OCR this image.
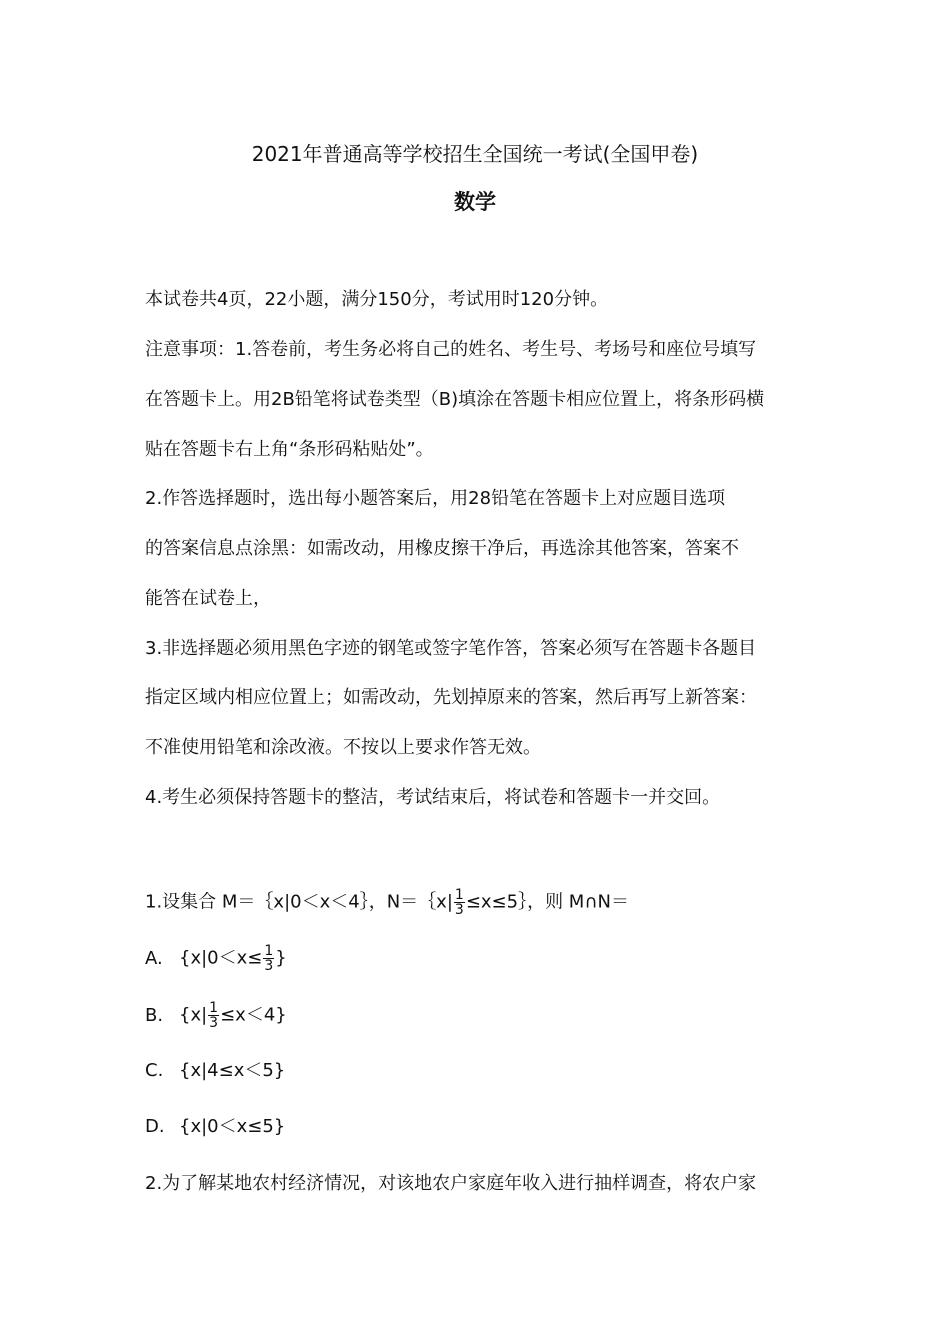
2021年普通高等学校招生全国统一考试(全国甲卷)
数学
本试卷共4页，22小题，满分150分，考试用时120分钟。
注意事项：1.答卷前，考生务必将自己的姓名、考生号、考场号和座位号填写
在答题卡上。用2B铅笔将试卷类型（B)填涂在答题卡相应位置上，将条形码横
贴在答题卡右上角“条形码粘贴处”。
2.作答选择题时，选出每小题答案后，用28铅笔在答题卡上对应题目选项
的答案信息点涂黑：如需改动，用橡皮擦干净后，再选涂其他答案，答案不
能答在试卷上，
3.非选择题必须用黑色字迹的钢笔或签字笔作答，答案必须写在答题卡各题目
指定区域内相应位置上；如需改动，先划掉原来的答案，然后再写上新答案：
不准使用铅笔和涂改液。不按以上要求作答无效。
4.考生必须保持答题卡的整洁，考试结束后，将试卷和答题卡一并交回。
1.设集合 M＝｛x|0＜x＜4｝，N＝｛x| $\frac{1}{3}$ ≤x≤5｝，则 M∩N＝
A. {$x|0<x\le \frac{1}{3}$ }
B. $\{x| \frac{1}{3} \le x<4\}$
C. {x|4≤x＜5}
D. {x|0＜x≤5}
2.为了解某地农村经济情况，对该地农户家庭年收入进行抽样调查，将农户家
